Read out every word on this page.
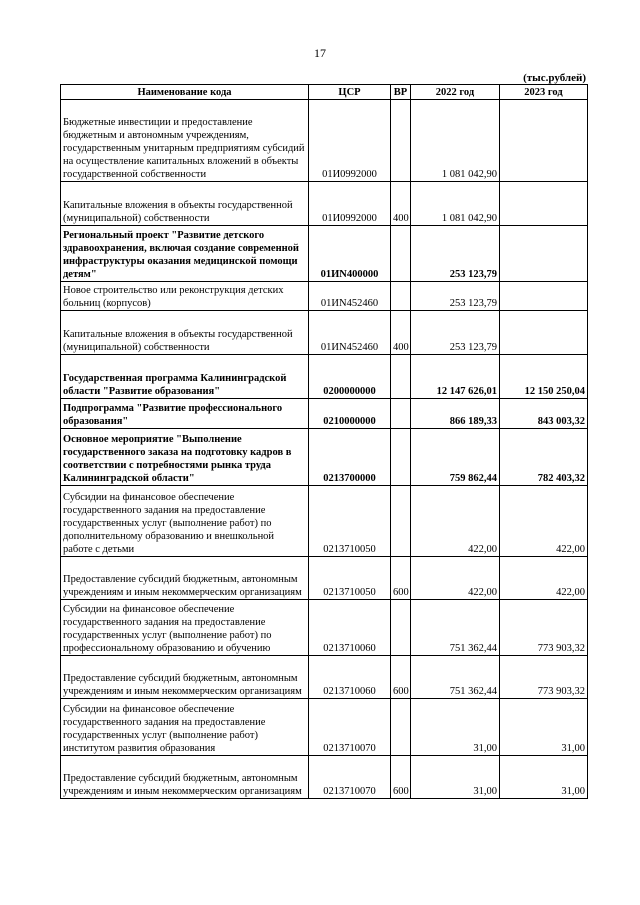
17
(тыс.рублей)
Наименование кода	ЦСР	ВР	2022 год	2023 год
Бюджетные инвестиции и предоставление бюджетным и автономным учреждениям, государственным унитарным предприятиям субсидий на осуществление капитальных вложений в объекты государственной собственности	01И0992000		1 081 042,90	
Капитальные вложения в объекты государственной (муниципальной) собственности	01И0992000	400	1 081 042,90	
Региональный проект "Развитие детского здравоохранения, включая создание современной инфраструктуры оказания медицинской помощи детям"	01ИN400000		253 123,79	
Новое строительство или реконструкция детских больниц (корпусов)	01ИN452460		253 123,79	
Капитальные вложения в объекты государственной (муниципальной) собственности	01ИN452460	400	253 123,79	
Государственная программа Калининградской области "Развитие образования"	0200000000		12 147 626,01	12 150 250,04
Подпрограмма "Развитие профессионального образования"	0210000000		866 189,33	843 003,32
Основное мероприятие "Выполнение государственного заказа на подготовку кадров в соответствии с потребностями рынка труда Калининградской области"	0213700000		759 862,44	782 403,32
Субсидии на финансовое обеспечение государственного задания на предоставление государственных услуг (выполнение работ) по дополнительному образованию и внешкольной работе с детьми	0213710050		422,00	422,00
Предоставление субсидий бюджетным, автономным учреждениям и иным некоммерческим организациям	0213710050	600	422,00	422,00
Субсидии на финансовое обеспечение государственного задания на предоставление государственных услуг (выполнение работ) по профессиональному образованию и обучению	0213710060		751 362,44	773 903,32
Предоставление субсидий бюджетным, автономным учреждениям и иным некоммерческим организациям	0213710060	600	751 362,44	773 903,32
Субсидии на финансовое обеспечение государственного задания на предоставление государственных услуг (выполнение работ) институтом развития образования	0213710070		31,00	31,00
Предоставление субсидий бюджетным, автономным учреждениям и иным некоммерческим организациям	0213710070	600	31,00	31,00
